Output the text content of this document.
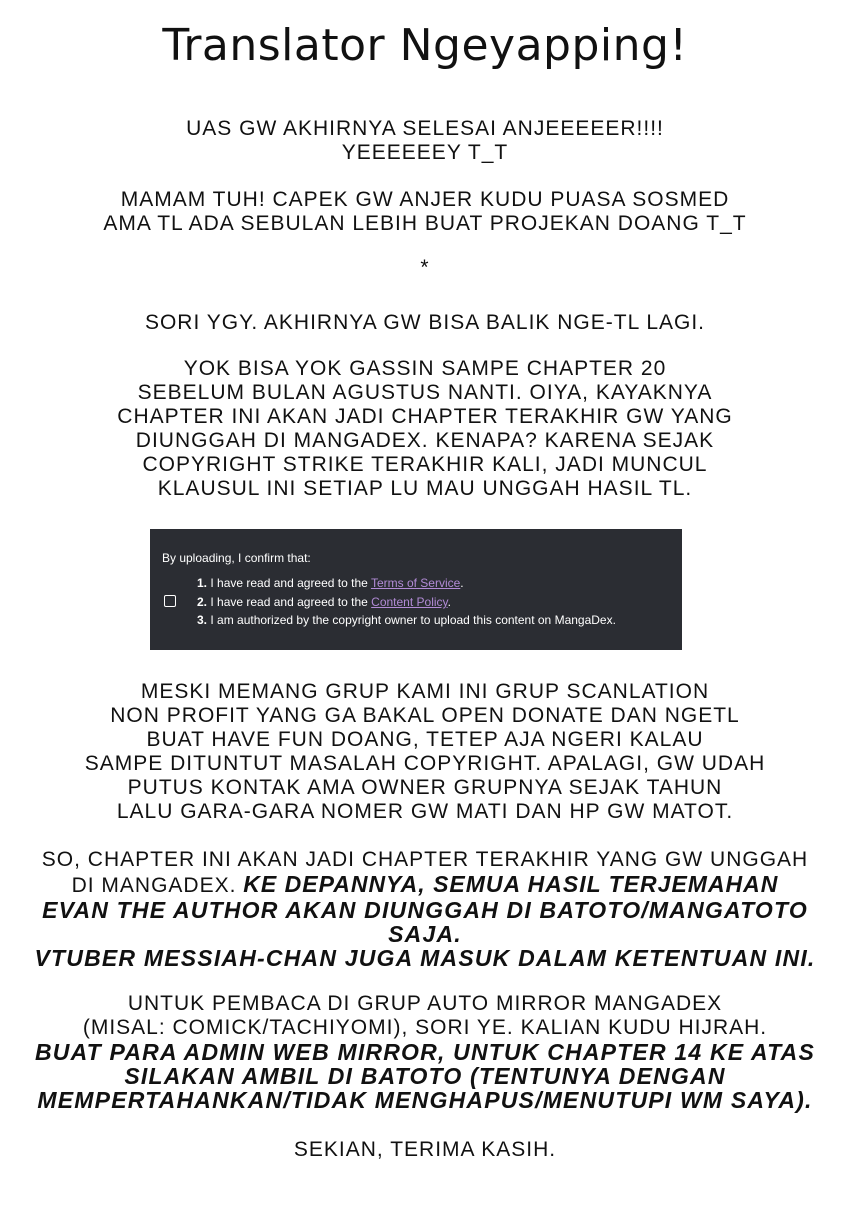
Translator Ngeyapping!
UAS GW AKHIRNYA SELESAI ANJEEEEER!!!!
YEEEEEEY T_T
MAMAM TUH! CAPEK GW ANJER KUDU PUASA SOSMED
AMA TL ADA SEBULAN LEBIH BUAT PROJEKAN DOANG T_T
*
SORI YGY. AKHIRNYA GW BISA BALIK NGE-TL LAGI.
YOK BISA YOK GASSIN SAMPE CHAPTER 20
SEBELUM BULAN AGUSTUS NANTI. OIYA, KAYAKNYA
CHAPTER INI AKAN JADI CHAPTER TERAKHIR GW YANG
DIUNGGAH DI MANGADEX. KENAPA? KARENA SEJAK
COPYRIGHT STRIKE TERAKHIR KALI, JADI MUNCUL
KLAUSUL INI SETIAP LU MAU UNGGAH HASIL TL.
By uploading, I confirm that:
1. I have read and agreed to the Terms of Service.
2. I have read and agreed to the Content Policy.
3. I am authorized by the copyright owner to upload this content on MangaDex.
MESKI MEMANG GRUP KAMI INI GRUP SCANLATION
NON PROFIT YANG GA BAKAL OPEN DONATE DAN NGETL
BUAT HAVE FUN DOANG, TETEP AJA NGERI KALAU
SAMPE DITUNTUT MASALAH COPYRIGHT. APALAGI, GW UDAH
PUTUS KONTAK AMA OWNER GRUPNYA SEJAK TAHUN
LALU GARA-GARA NOMER GW MATI DAN HP GW MATOT.
SO, CHAPTER INI AKAN JADI CHAPTER TERAKHIR YANG GW UNGGAH
DI MANGADEX. KE DEPANNYA, SEMUA HASIL TERJEMAHAN
EVAN THE AUTHOR AKAN DIUNGGAH DI BATOTO/MANGATOTO
SAJA.
VTUBER MESSIAH-CHAN JUGA MASUK DALAM KETENTUAN INI.
UNTUK PEMBACA DI GRUP AUTO MIRROR MANGADEX
(MISAL: COMICK/TACHIYOMI), SORI YE. KALIAN KUDU HIJRAH.
BUAT PARA ADMIN WEB MIRROR, UNTUK CHAPTER 14 KE ATAS
SILAKAN AMBIL DI BATOTO (TENTUNYA DENGAN
MEMPERTAHANKAN/TIDAK MENGHAPUS/MENUTUPI WM SAYA).
SEKIAN, TERIMA KASIH.
